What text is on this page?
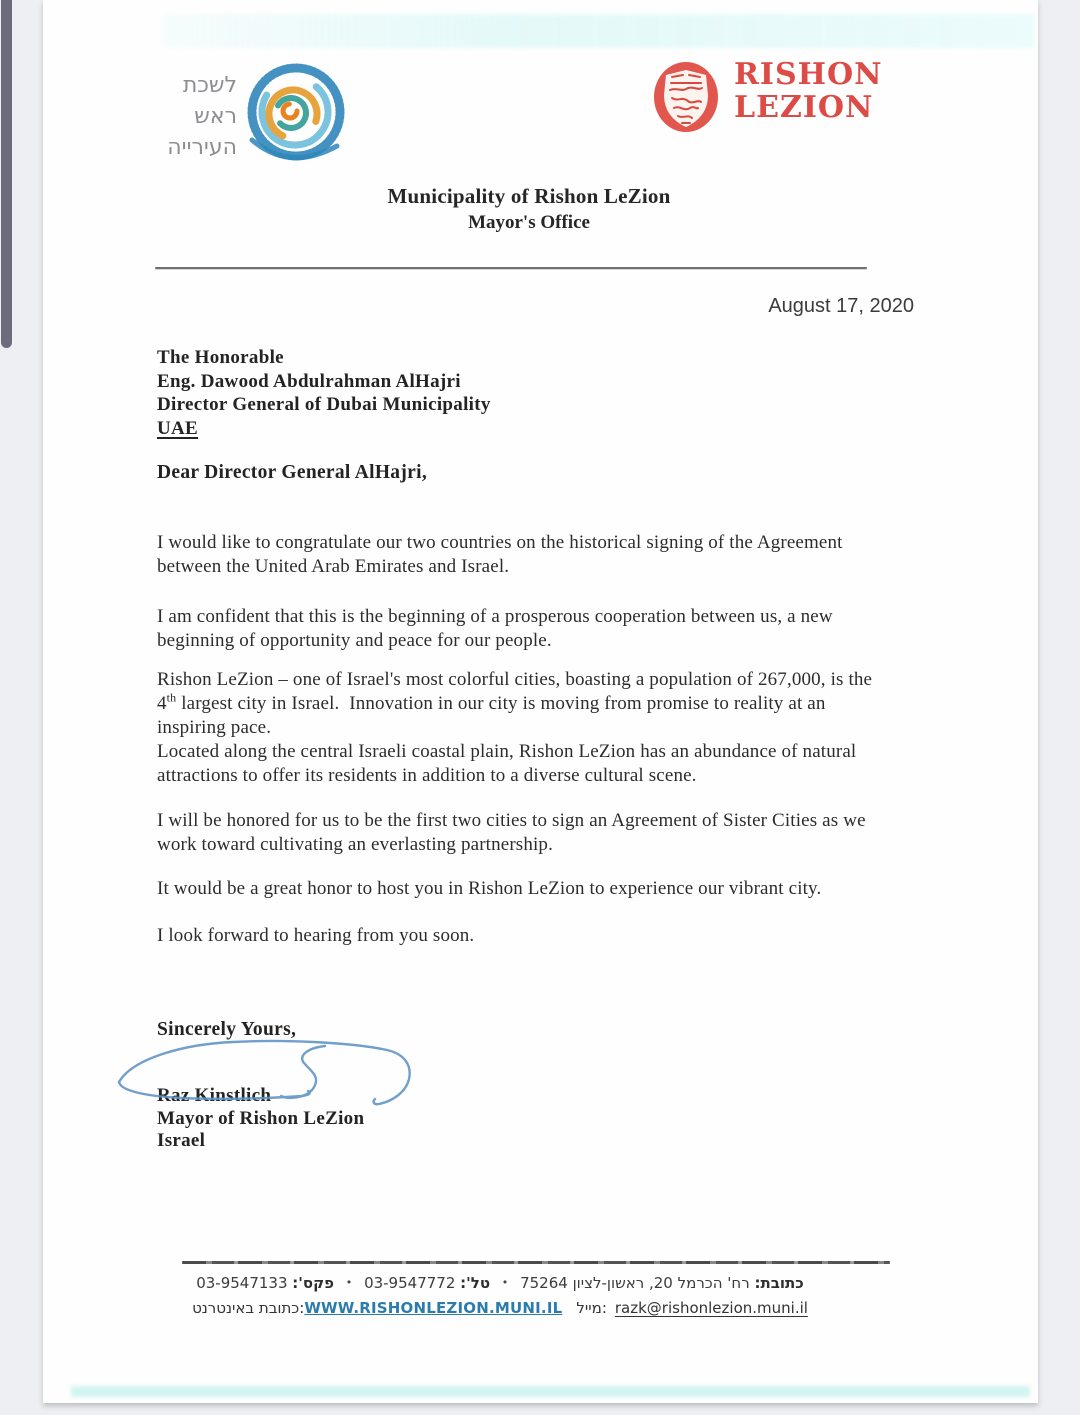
לשכת
ראש
העירייה
RISHON
LEZION
Municipality of Rishon LeZion
Mayor's Office
August 17, 2020
The Honorable
Eng. Dawood Abdulrahman AlHajri
Director General of Dubai Municipality
UAE
Dear Director General AlHajri,
I would like to congratulate our two countries on the historical signing of the Agreement
between the United Arab Emirates and Israel.
I am confident that this is the beginning of a prosperous cooperation between us, a new
beginning of opportunity and peace for our people.
Rishon LeZion – one of Israel's most colorful cities, boasting a population of 267,000, is the
4th largest city in Israel.  Innovation in our city is moving from promise to reality at an
inspiring pace.
Located along the central Israeli coastal plain, Rishon LeZion has an abundance of natural
attractions to offer its residents in addition to a diverse cultural scene.
I will be honored for us to be the first two cities to sign an Agreement of Sister Cities as we
work toward cultivating an everlasting partnership.
It would be a great honor to host you in Rishon LeZion to experience our vibrant city.
I look forward to hearing from you soon.
Sincerely Yours,
Raz Kinstlich
Mayor of Rishon LeZion
Israel
כתובת: רח' הכרמל 20, ראשון-לציון 75264 • טל': 03-9547772 • פקס': 03-9547133
כתובת באינטרנט: WWW.RISHONLEZION.MUNI.IL מייל: razk@rishonlezion.muni.il
